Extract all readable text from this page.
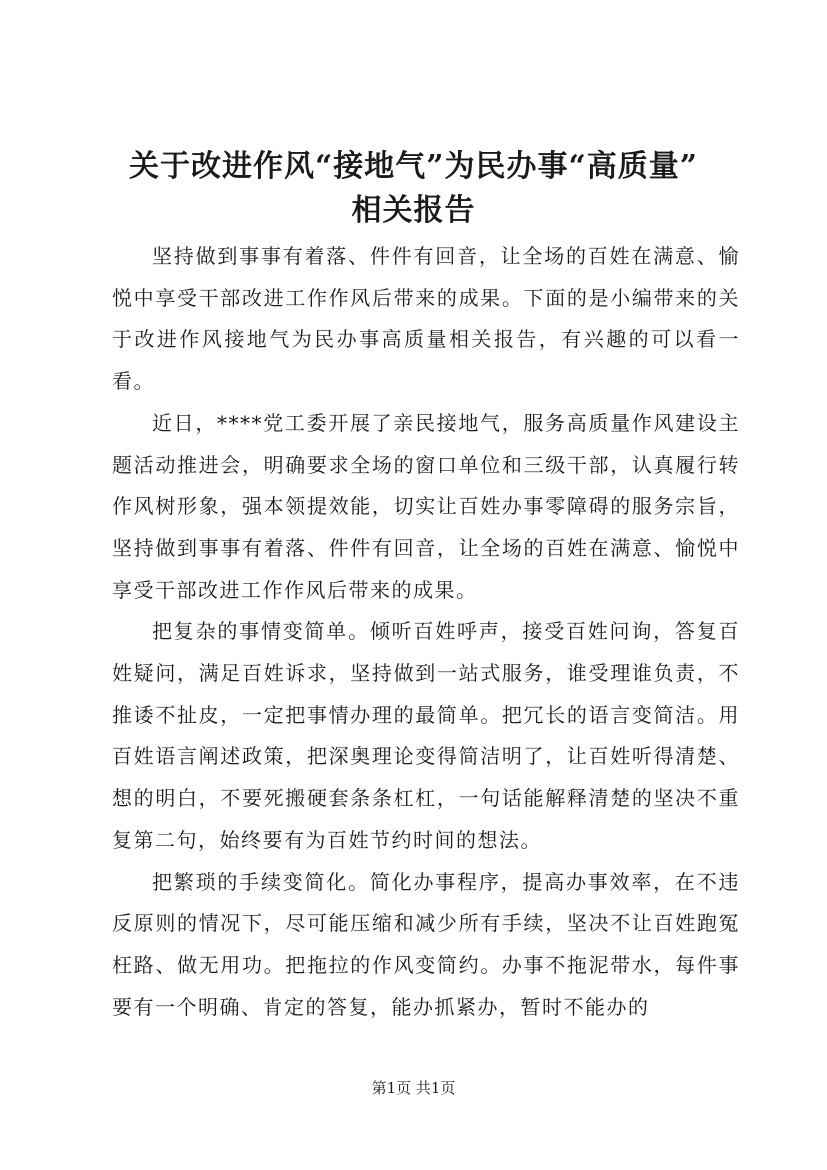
关于改进作风“接地气”为民办事“高质量”
相关报告

坚持做到事事有着落、件件有回音，让全场的百姓在满意、愉悦中享受干部改进工作作风后带来的成果。下面的是小编带来的关于改进作风接地气为民办事高质量相关报告，有兴趣的可以看一看。

近日，****党工委开展了亲民接地气，服务高质量作风建设主题活动推进会，明确要求全场的窗口单位和三级干部，认真履行转作风树形象，强本领提效能，切实让百姓办事零障碍的服务宗旨，坚持做到事事有着落、件件有回音，让全场的百姓在满意、愉悦中享受干部改进工作作风后带来的成果。

把复杂的事情变简单。倾听百姓呼声，接受百姓问询，答复百姓疑问，满足百姓诉求，坚持做到一站式服务，谁受理谁负责，不推诿不扯皮，一定把事情办理的最简单。把冗长的语言变简洁。用百姓语言阐述政策，把深奥理论变得简洁明了，让百姓听得清楚、想的明白，不要死搬硬套条条杠杠，一句话能解释清楚的坚决不重复第二句，始终要有为百姓节约时间的想法。

把繁琐的手续变简化。简化办事程序，提高办事效率，在不违反原则的情况下，尽可能压缩和减少所有手续，坚决不让百姓跑冤枉路、做无用功。把拖拉的作风变简约。办事不拖泥带水，每件事要有一个明确、肯定的答复，能办抓紧办，暂时不能办的

第1页 共1页
